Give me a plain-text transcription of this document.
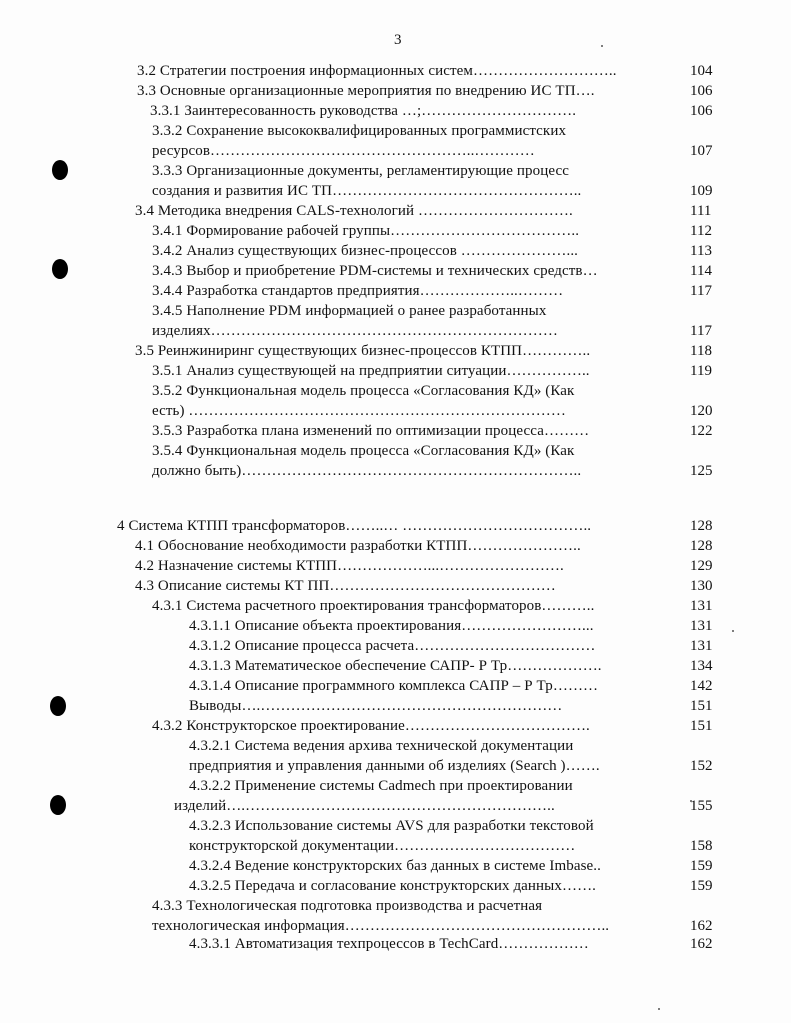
3
3.2 Стратегии построения информационных систем………………………..	104
3.3 Основные организационные мероприятия по внедрению ИС ТП….	106
3.3.1 Заинтересованность руководства …;………………………….	106
3.3.2 Сохранение высококвалифицированных программистских
ресурсов……………………………………………..…………	107
3.3.3 Организационные документы, регламентирующие процесс
создания и развития ИС ТП…………………………………………..	109
3.4 Методика внедрения CALS-технологий ………………………….	111
3.4.1 Формирование рабочей группы………………………………..	112
3.4.2 Анализ существующих бизнес-процессов …………………...	113
3.4.3 Выбор и приобретение PDM-системы и технических средств…	114
3.4.4 Разработка стандартов предприятия………………..………	117
3.4.5 Наполнение PDM информацией о ранее разработанных
изделиях……………………………………………………………	117
3.5 Реинжиниринг существующих бизнес-процессов КТПП…………..	118
3.5.1 Анализ существующей на предприятии ситуации……………..	119
3.5.2 Функциональная модель процесса «Согласования КД» (Как
есть) …………………………………………………………………	120
3.5.3 Разработка плана изменений по оптимизации процесса………	122
3.5.4 Функциональная модель процесса «Согласования КД» (Как
должно быть)…………………………………………………………..	125
4 Система КТПП трансформаторов……..… ………………………………..	128
4.1 Обоснование необходимости разработки КТПП…………………..	128
4.2 Назначение системы КТПП………………...…………………….	129
4.3 Описание системы КТ ПП………………………………………	130
4.3.1 Система расчетного проектирования трансформаторов………..	131
4.3.1.1 Описание объекта проектирования……………………...	131
4.3.1.2 Описание процесса расчета………………………………	131
4.3.1.3 Математическое обеспечение САПР- Р Тр……………….	134
4.3.1.4 Описание программного комплекса САПР – Р Тр………	142
Выводы….……………………………………………………	151
4.3.2 Конструкторское проектирование……………………………….	151
4.3.2.1 Система ведения архива технической документации
предприятия и управления данными об изделиях (Search )…….	152
4.3.2.2 Применение системы Cadmech при проектировании
изделий….……………………………………………………..	155
4.3.2.3 Использование системы AVS для разработки текстовой
конструкторской документации………………………………	158
4.3.2.4 Ведение конструкторских баз данных в системе Imbase..	159
4.3.2.5 Передача и согласование конструкторских данных…….	159
4.3.3 Технологическая подготовка производства и расчетная
технологическая информация……………………………………………..	162
4.3.3.1 Автоматизация техпроцессов в TechCard………………	162
